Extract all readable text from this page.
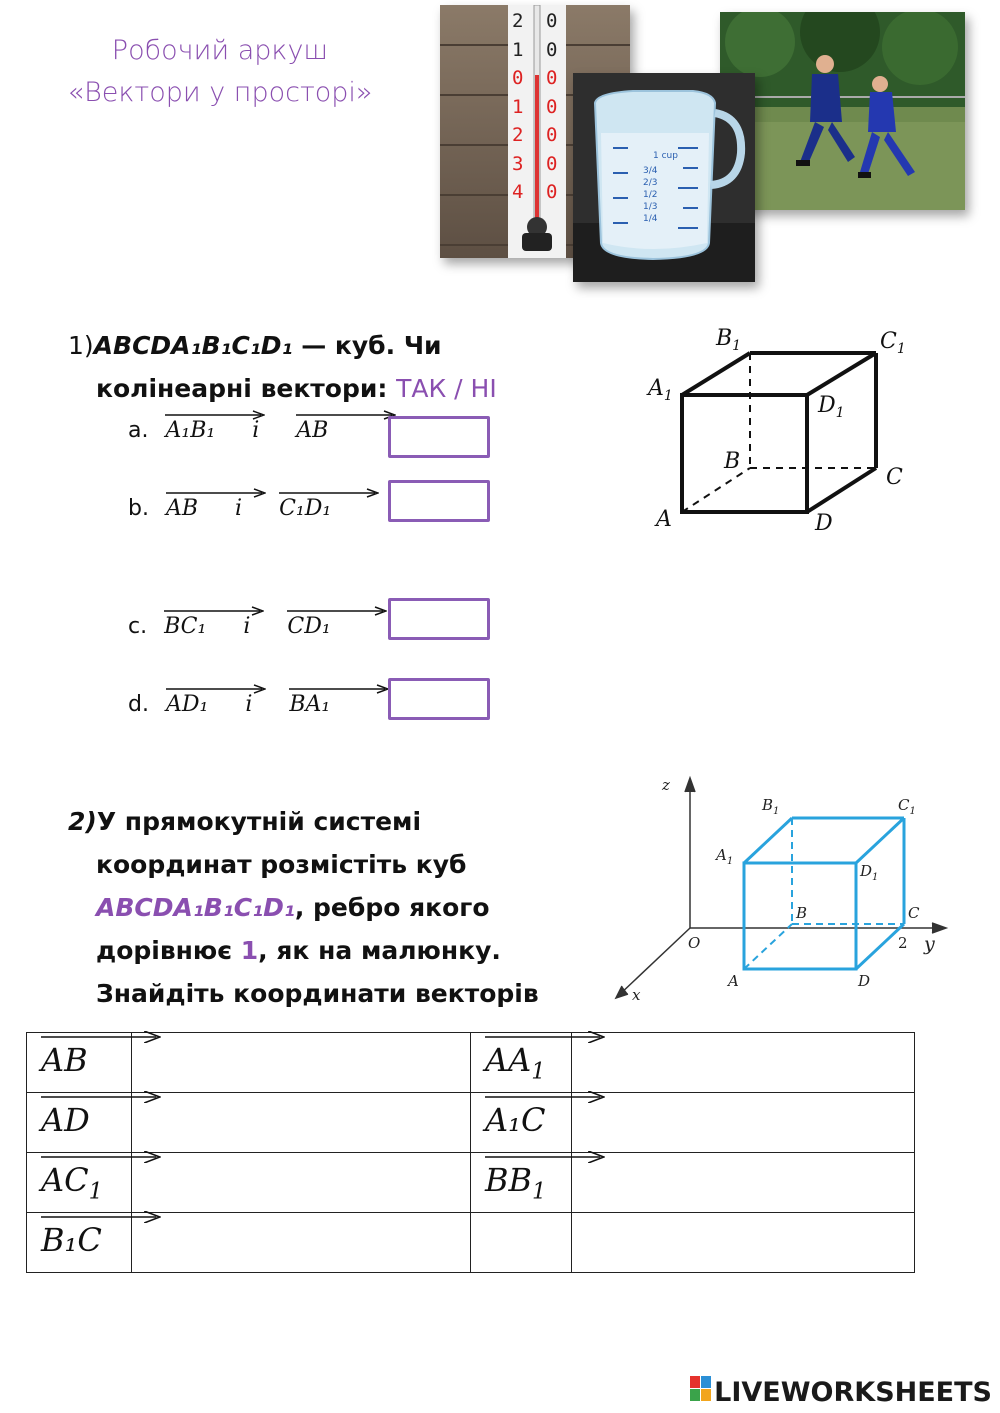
Робочий аркуш
«Вектори у просторі»
2
1
0
1
2
3
4
0
0
0
0
0
0
0
1 cup
3/4
2/3
1/2
1/3
1/4
1)ABCDA₁B₁C₁D₁ — куб. Чи
колінеарні вектори: ТАК / НІ
a. A₁B₁ і AB
b. AB і C₁D₁
c. BC₁ і CD₁
d. AD₁ і BA₁
$B_1$	$C_1$
$A_1$	$D_1$
B
C
A	D
2)У прямокутній системі
координат розмістіть куб
ABCDA₁B₁C₁D₁, ребро якого
дорівнює 1, як на малюнку.
Знайдіть координати векторів
z
y
x
O	2
$B_1$	$C_1$
$A_1$
$D_1$
B	C
A	D
AB		$AA_1$	

AD		A₁C	

$AC_1$		$BB_1$	

B₁C			
LIVEWORKSHEETS
